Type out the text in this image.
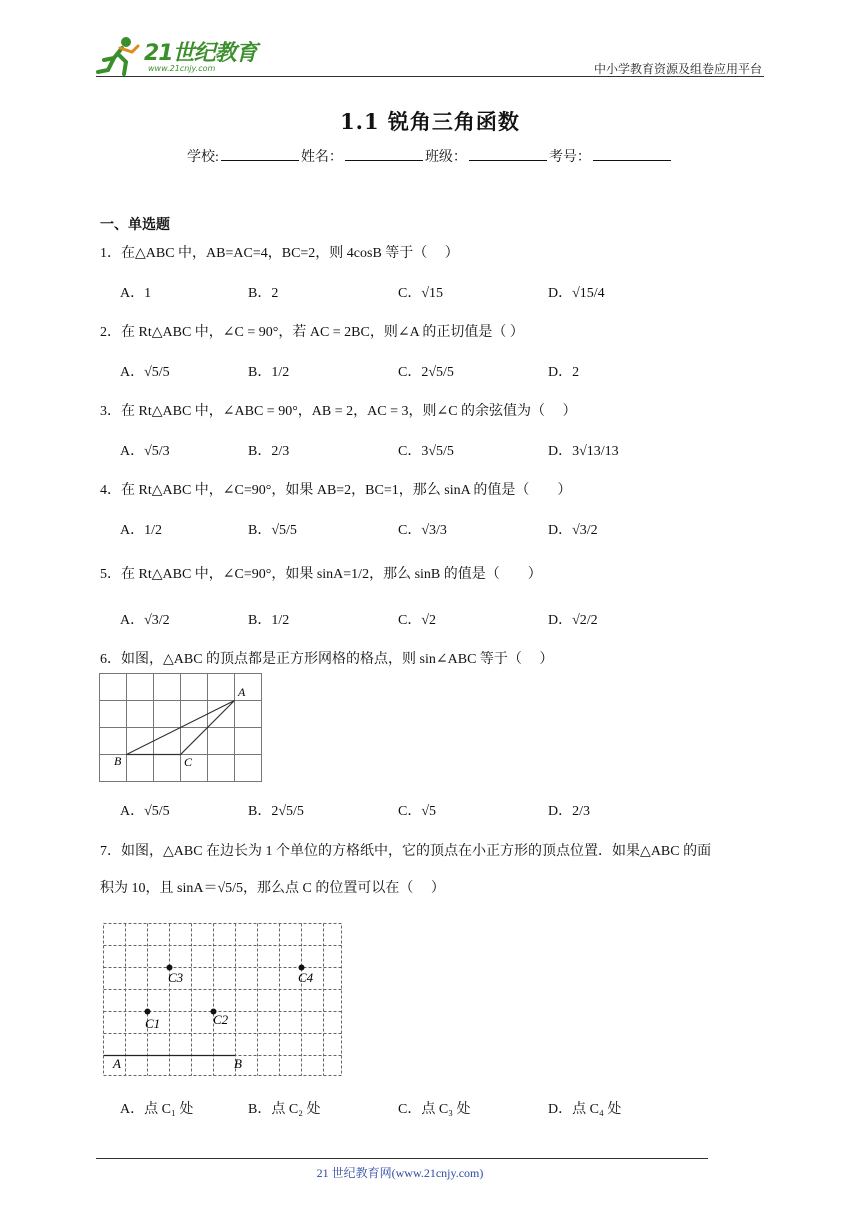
21世纪教育
www.21cnjy.com	中小学教育资源及组卷应用平台
1.1 锐角三角函数
学校:	姓名：	班级：	考号：
一、单选题
1．在△ABC 中，AB=AC=4，BC=2，则 4cosB 等于（　 ）
A．1	B．2	C．√15	D．√15/4
2．在 Rt△ABC 中，∠C = 90°，若 AC = 2BC，则∠A 的正切值是（ ）
A．√5/5	B．1/2	C．2√5/5	D．2
3．在 Rt△ABC 中，∠ABC = 90°，AB = 2，AC = 3，则∠C 的余弦值为（　 ）
A．√5/3	B．2/3	C．3√5/5	D．3√13/13
4．在 Rt△ABC 中，∠C=90°，如果 AB=2，BC=1，那么 sinA 的值是（　　）
A．1/2	B．√5/5	C．√3/3	D．√3/2
5．在 Rt△ABC 中，∠C=90°，如果 sinA=1/2，那么 sinB 的值是（　　）
A．√3/2	B．1/2	C．√2	D．√2/2
6．如图，△ABC 的顶点都是正方形网格的格点，则 sin∠ABC 等于（　 ）
A
B	C
A．√5/5	B．2√5/5	C．√5	D．2/3
7．如图，△ABC 在边长为 1 个单位的方格纸中，它的顶点在小正方形的顶点位置．如果△ABC 的面
积为 10，且 sinA＝√5/5，那么点 C 的位置可以在（　 ）
A	B
C1	C2
C3	C4
A．点 C₁ 处	B．点 C₂ 处	C．点 C₃ 处	D．点 C₄ 处
21 世纪教育网(www.21cnjy.com)
